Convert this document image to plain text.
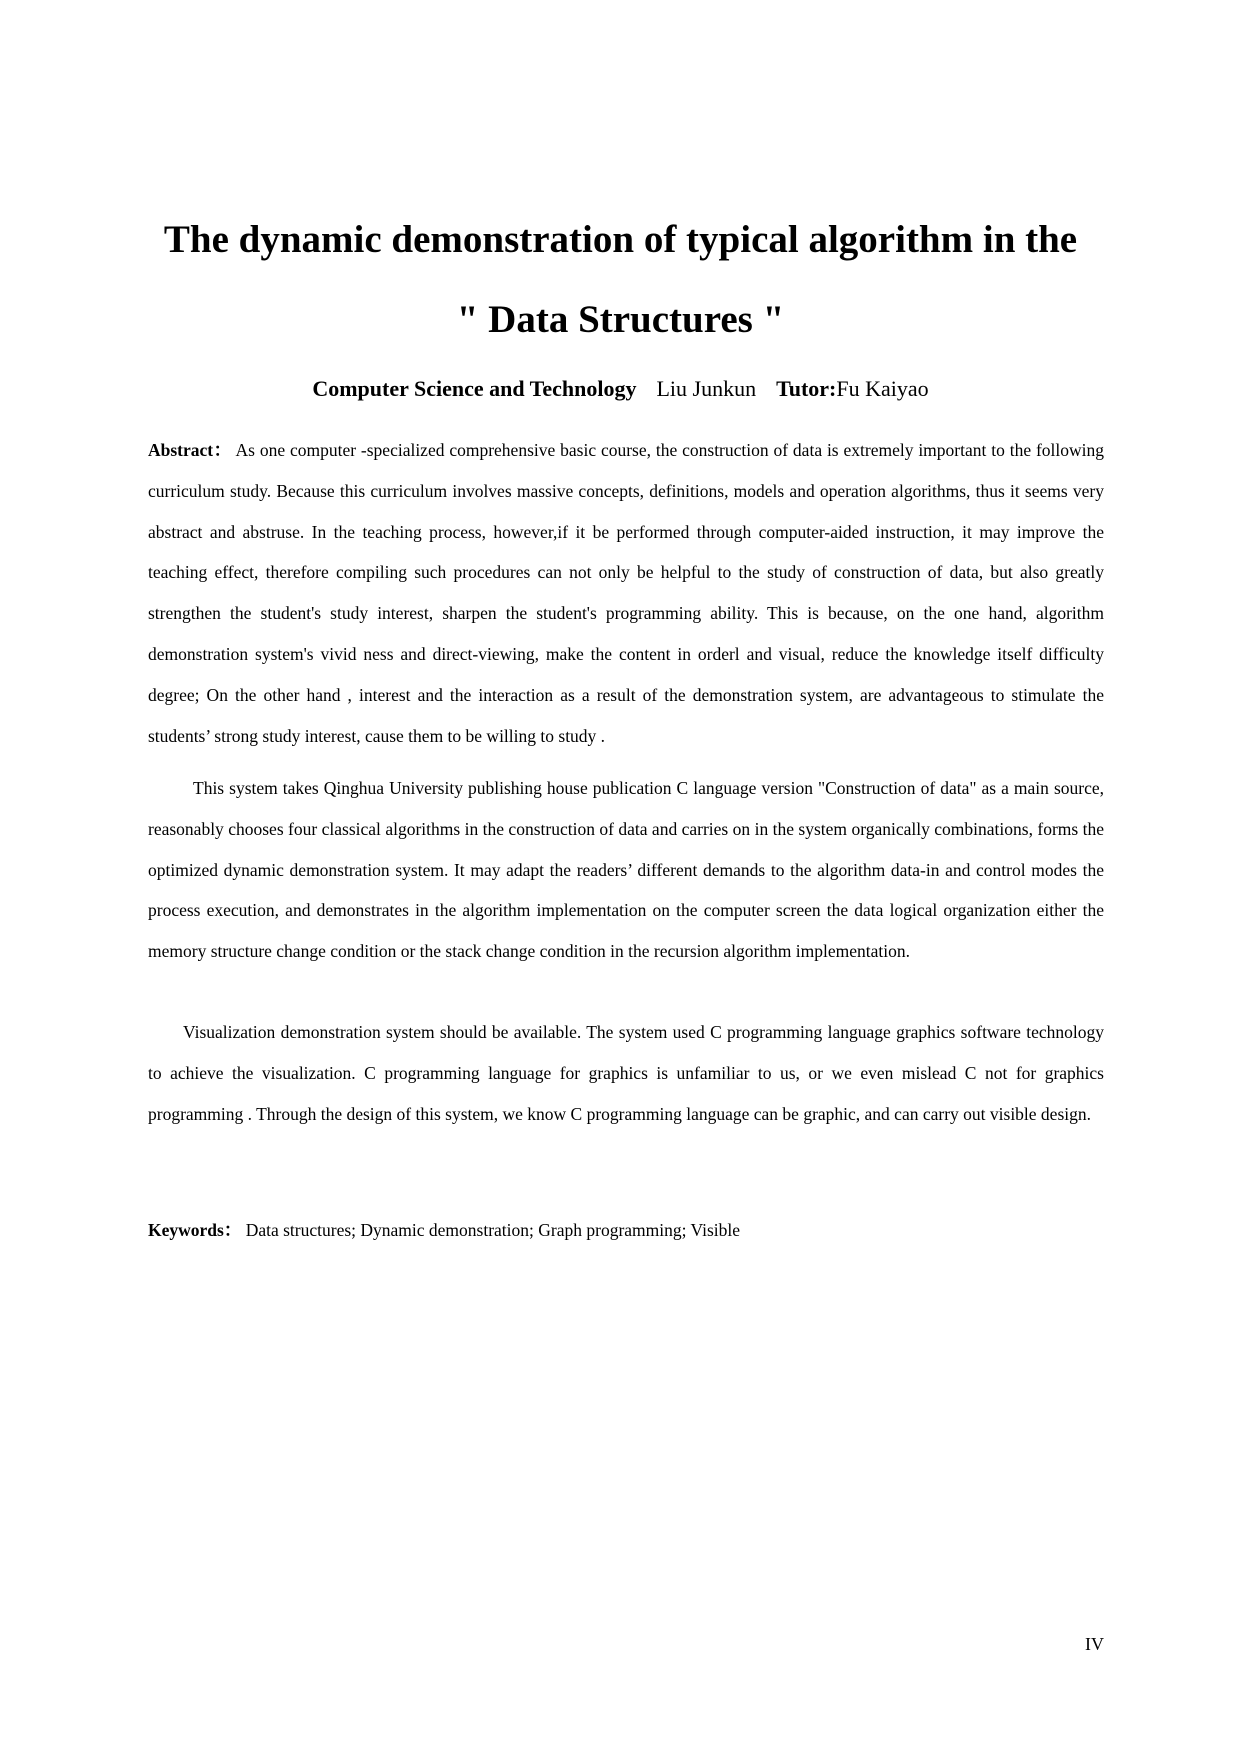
The dynamic demonstration of typical algorithm in the
" Data Structures "
Computer Science and Technology Liu Junkun Tutor:Fu Kaiyao

Abstract： As one computer -specialized comprehensive basic course, the construction of data is extremely important to the following curriculum study. Because this curriculum involves massive concepts, definitions, models and operation algorithms, thus it seems very abstract and abstruse. In the teaching process, however,if it be performed through computer-aided instruction, it may improve the teaching effect, therefore compiling such procedures can not only be helpful to the study of construction of data, but also greatly strengthen the student's study interest, sharpen the student's programming ability. This is because, on the one hand, algorithm demonstration system's vivid ness and direct-viewing, make the content in orderl and visual, reduce the knowledge itself difficulty degree; On the other hand , interest and the interaction as a result of the demonstration system, are advantageous to stimulate the students’ strong study interest, cause them to be willing to study .

This system takes Qinghua University publishing house publication C language version "Construction of data" as a main source, reasonably chooses four classical algorithms in the construction of data and carries on in the system organically combinations, forms the optimized dynamic demonstration system. It may adapt the readers’ different demands to the algorithm data-in and control modes the process execution, and demonstrates in the algorithm implementation on the computer screen the data logical organization either the memory structure change condition or the stack change condition in the recursion algorithm implementation.

Visualization demonstration system should be available. The system used C programming language graphics software technology to achieve the visualization. C programming language for graphics is unfamiliar to us, or we even mislead C not for graphics programming . Through the design of this system, we know C programming language can be graphic, and can carry out visible design.

Keywords： Data structures; Dynamic demonstration; Graph programming; Visible
IV
